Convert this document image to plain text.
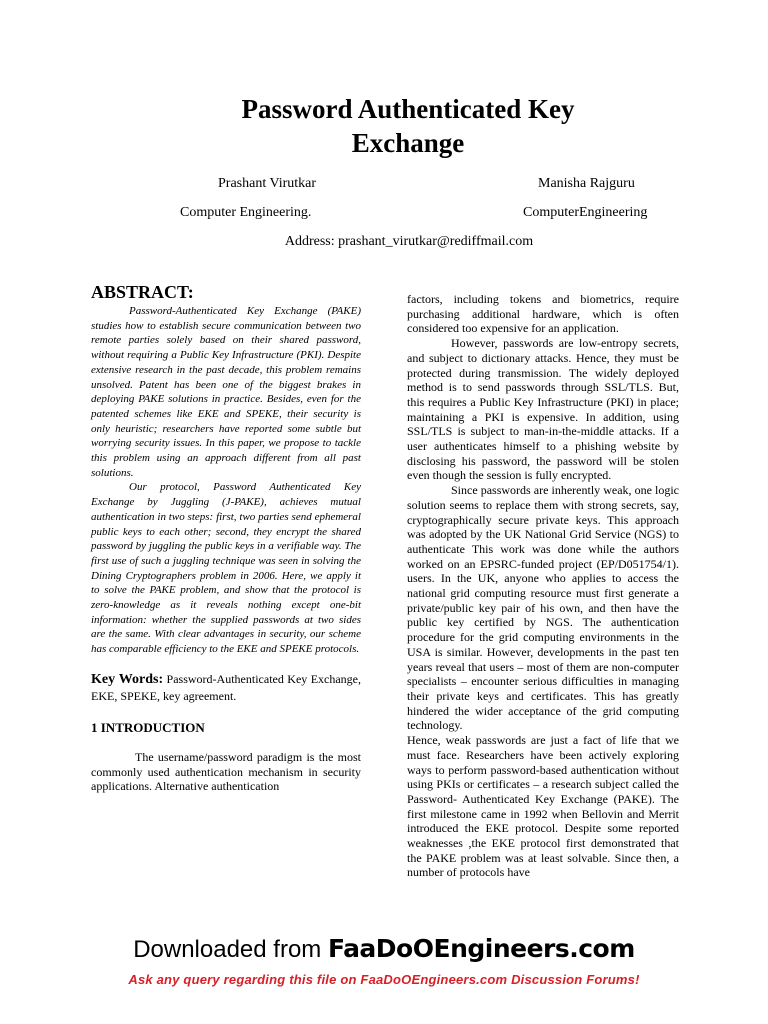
Password Authenticated Key
Exchange
Prashant Virutkar	Manisha Rajguru
Computer Engineering.	ComputerEngineering
Address: prashant_virutkar@rediffmail.com
ABSTRACT:

Password-Authenticated Key Exchange (PAKE) studies how to establish secure communication between two remote parties solely based on their shared password, without requiring a Public Key Infrastructure (PKI). Despite extensive research in the past decade, this problem remains unsolved. Patent has been one of the biggest brakes in deploying PAKE solutions in practice. Besides, even for the patented schemes like EKE and SPEKE, their security is only heuristic; researchers have reported some subtle but worrying security issues. In this paper, we propose to tackle this problem using an approach different from all past solutions.

Our protocol, Password Authenticated Key Exchange by Juggling (J-PAKE), achieves mutual authentication in two steps: first, two parties send ephemeral public keys to each other; second, they encrypt the shared password by juggling the public keys in a verifiable way. The first use of such a juggling technique was seen in solving the Dining Cryptographers problem in 2006. Here, we apply it to solve the PAKE problem, and show that the protocol is zero-knowledge as it reveals nothing except one-bit information: whether the supplied passwords at two sides are the same. With clear advantages in security, our scheme has comparable efficiency to the EKE and SPEKE protocols.

Key Words: Password-Authenticated Key Exchange, EKE, SPEKE, key agreement.

1 INTRODUCTION

The username/password paradigm is the most commonly used authentication mechanism in security applications. Alternative authentication

factors, including tokens and biometrics, require purchasing additional hardware, which is often considered too expensive for an application.

However, passwords are low-entropy secrets, and subject to dictionary attacks. Hence, they must be protected during transmission. The widely deployed method is to send passwords through SSL/TLS. But, this requires a Public Key Infrastructure (PKI) in place; maintaining a PKI is expensive. In addition, using SSL/TLS is subject to man-in-the-middle attacks. If a user authenticates himself to a phishing website by disclosing his password, the password will be stolen even though the session is fully encrypted.

Since passwords are inherently weak, one logic solution seems to replace them with strong secrets, say, cryptographically secure private keys. This approach was adopted by the UK National Grid Service (NGS) to authenticate This work was done while the authors worked on an EPSRC-funded project (EP/D051754/1). users. In the UK, anyone who applies to access the national grid computing resource must first generate a private/public key pair of his own, and then have the public key certified by NGS. The authentication procedure for the grid computing environments in the USA is similar. However, developments in the past ten years reveal that users – most of them are non-computer specialists – encounter serious difficulties in managing their private keys and certificates. This has greatly hindered the wider acceptance of the grid computing technology.

Hence, weak passwords are just a fact of life that we must face. Researchers have been actively exploring ways to perform password-based authentication without using PKIs or certificates – a research subject called the Password- Authenticated Key Exchange (PAKE). The first milestone came in 1992 when Bellovin and Merrit introduced the EKE protocol. Despite some reported weaknesses ,the EKE protocol first demonstrated that the PAKE problem was at least solvable. Since then, a number of protocols have

Downloaded from FaaDoOEngineers.com
Ask any query regarding this file on FaaDoOEngineers.com Discussion Forums!
